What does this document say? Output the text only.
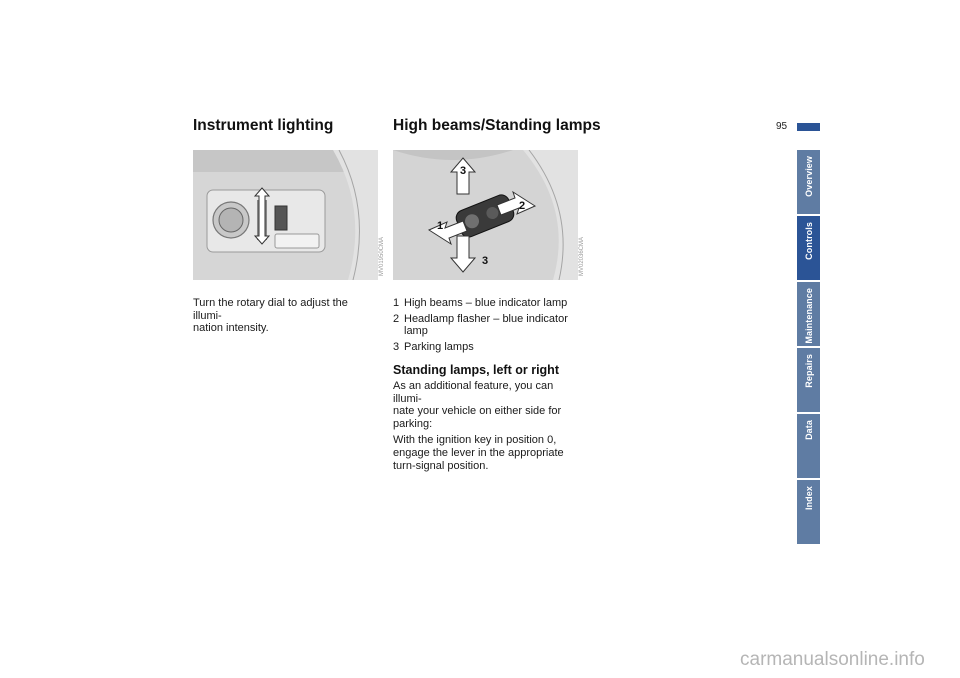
95
Instrument lighting
MV01950CMA
Turn the rotary dial to adjust the illumi-
nation intensity.
High beams/Standing lamps
3
2
1
3	MV02036CMA
1 High beams – blue indicator lamp
2 Headlamp flasher – blue indicator
lamp
3 Parking lamps
Standing lamps, left or right
As an additional feature, you can illumi-
nate your vehicle on either side for
parking:
With the ignition key in position 0,
engage the lever in the appropriate
turn-signal position.
Overview
Controls
Maintenance
Repairs
Data
Index
carmanualsonline.info
